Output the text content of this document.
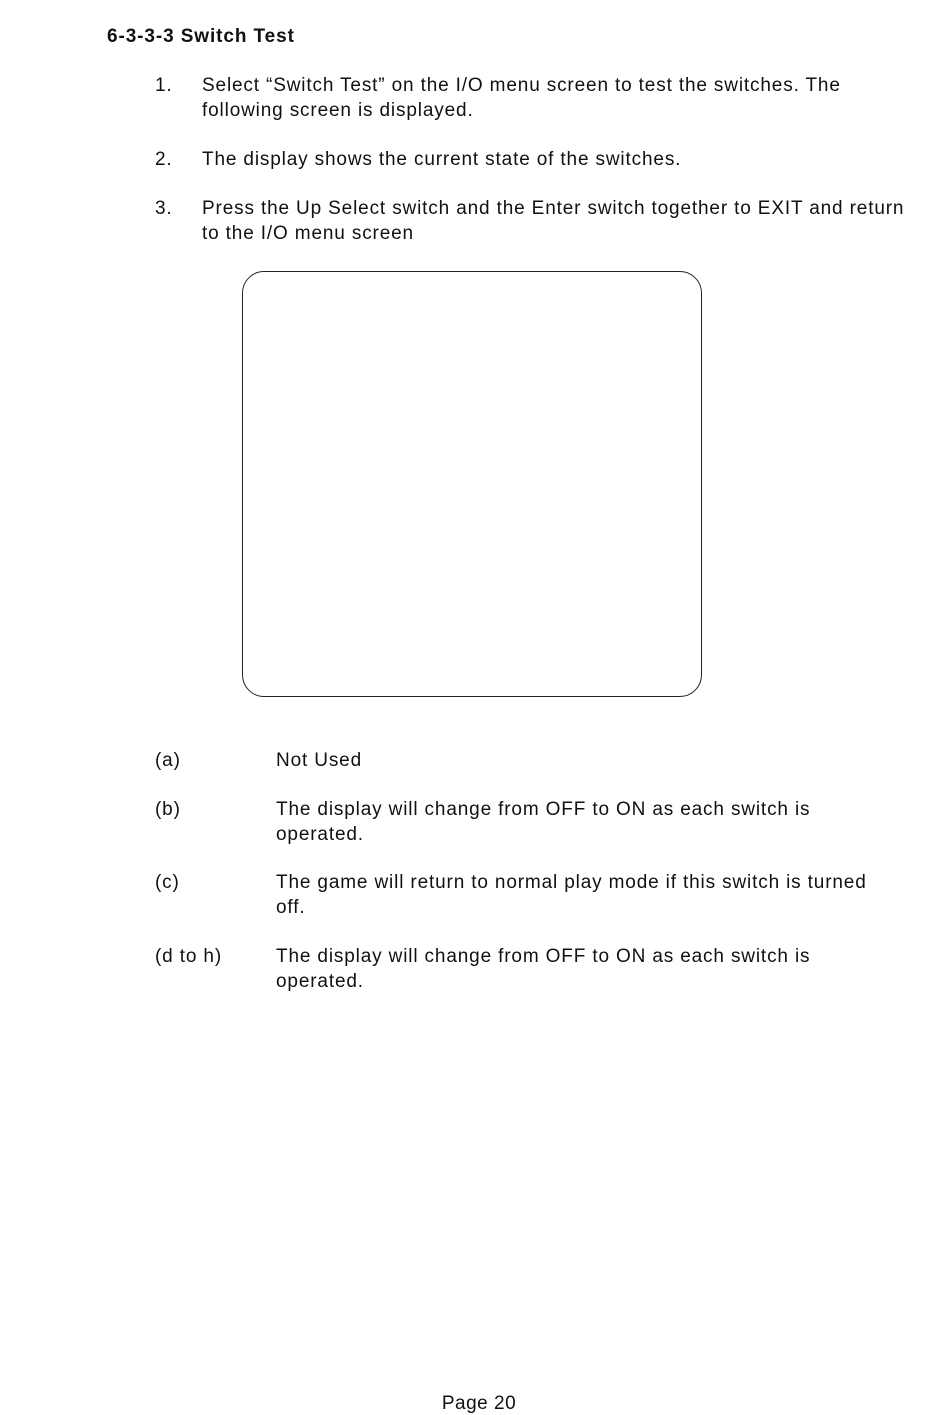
6-3-3-3 Switch Test
1. Select “Switch Test” on the I/O menu screen to test the switches. The following screen is displayed.
2. The display shows the current state of the switches.
3. Press the Up Select switch and the Enter switch together to EXIT and return to the I/O menu screen
(a)	Not Used
(b)	The display will change from OFF to ON as each switch is operated.
(c)	The game will return to normal play mode if this switch is turned off.
(d to h)	The display will change from OFF to ON as each switch is operated.
Page 20
